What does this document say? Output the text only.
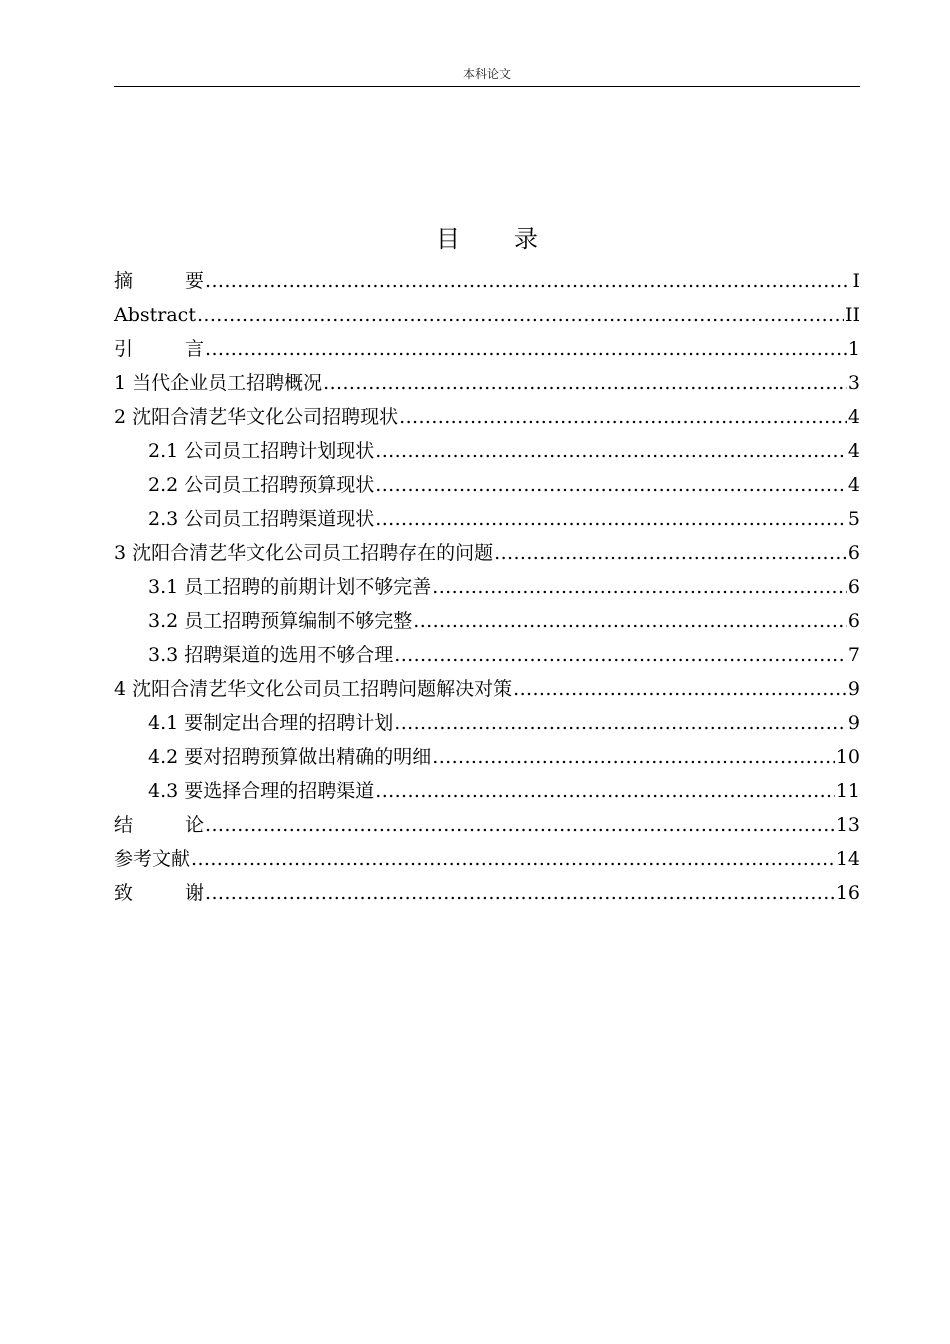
本科论文
目 录
摘	要 .....	I
Abstract .....	II
引	言 .....	1
1 当代企业员工招聘概况 .....	3
2 沈阳合清艺华文化公司招聘现状 .....	4
2.1 公司员工招聘计划现状 .....	4
2.2 公司员工招聘预算现状 .....	4
2.3 公司员工招聘渠道现状 .....	5
3 沈阳合清艺华文化公司员工招聘存在的问题 .....	6
3.1 员工招聘的前期计划不够完善 .....	6
3.2 员工招聘预算编制不够完整 .....	6
3.3 招聘渠道的选用不够合理 .....	7
4 沈阳合清艺华文化公司员工招聘问题解决对策 .....	9
4.1 要制定出合理的招聘计划 .....	9
4.2 要对招聘预算做出精确的明细 .....	10
4.3 要选择合理的招聘渠道 .....	11
结	论 .....	13
参考文献 .....	14
致	谢 .....	16
